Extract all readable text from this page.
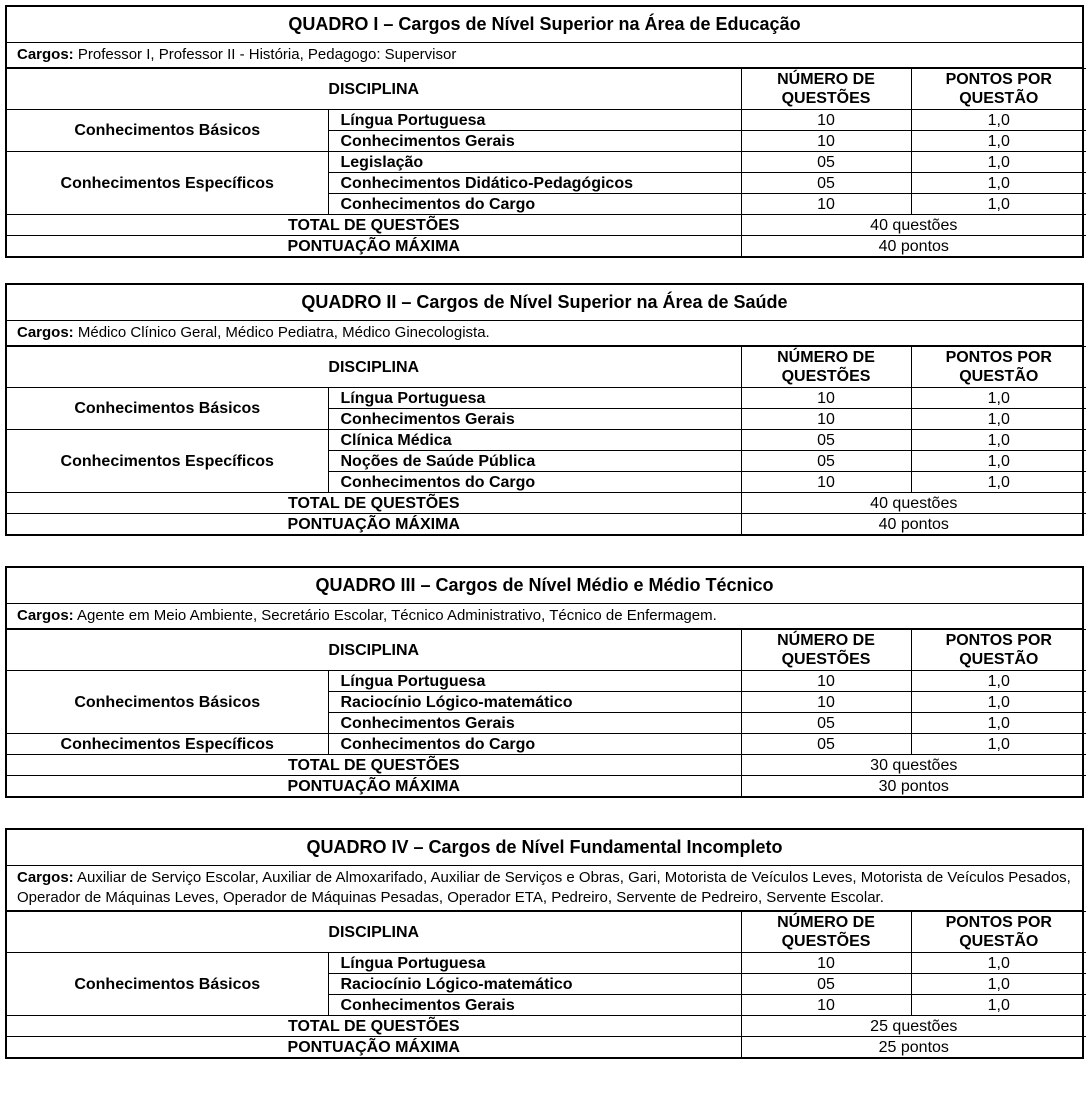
QUADRO I – Cargos de Nível Superior na Área de Educação
Cargos: Professor I, Professor II - História, Pedagogo: Supervisor
DISCIPLINA		NÚMERO DE QUESTÕES	PONTOS POR QUESTÃO
Conhecimentos Básicos	Língua Portuguesa	10	1,0
	Conhecimentos Gerais	10	1,0
Conhecimentos Específicos	Legislação	05	1,0
	Conhecimentos Didático-Pedagógicos	05	1,0
	Conhecimentos do Cargo	10	1,0
TOTAL DE QUESTÕES		40 questões	
PONTUAÇÃO MÁXIMA		40 pontos	
QUADRO II – Cargos de Nível Superior na Área de Saúde
Cargos: Médico Clínico Geral, Médico Pediatra, Médico Ginecologista.
DISCIPLINA		NÚMERO DE QUESTÕES	PONTOS POR QUESTÃO
Conhecimentos Básicos	Língua Portuguesa	10	1,0
	Conhecimentos Gerais	10	1,0
Conhecimentos Específicos	Clínica Médica	05	1,0
	Noções de Saúde Pública	05	1,0
	Conhecimentos do Cargo	10	1,0
TOTAL DE QUESTÕES		40 questões	
PONTUAÇÃO MÁXIMA		40 pontos	
QUADRO III – Cargos de Nível Médio e Médio Técnico
Cargos: Agente em Meio Ambiente, Secretário Escolar, Técnico Administrativo, Técnico de Enfermagem.
DISCIPLINA		NÚMERO DE QUESTÕES	PONTOS POR QUESTÃO
Conhecimentos Básicos	Língua Portuguesa	10	1,0
	Raciocínio Lógico-matemático	10	1,0
	Conhecimentos Gerais	05	1,0
Conhecimentos Específicos	Conhecimentos do Cargo	05	1,0
TOTAL DE QUESTÕES		30 questões	
PONTUAÇÃO MÁXIMA		30 pontos	
QUADRO IV – Cargos de Nível Fundamental Incompleto
Cargos: Auxiliar de Serviço Escolar, Auxiliar de Almoxarifado, Auxiliar de Serviços e Obras, Gari, Motorista de Veículos Leves, Motorista de Veículos Pesados, Operador de Máquinas Leves, Operador de Máquinas Pesadas, Operador ETA, Pedreiro, Servente de Pedreiro, Servente Escolar.
DISCIPLINA		NÚMERO DE QUESTÕES	PONTOS POR QUESTÃO
Conhecimentos Básicos	Língua Portuguesa	10	1,0
	Raciocínio Lógico-matemático	05	1,0
	Conhecimentos Gerais	10	1,0
TOTAL DE QUESTÕES		25 questões	
PONTUAÇÃO MÁXIMA		25 pontos	
